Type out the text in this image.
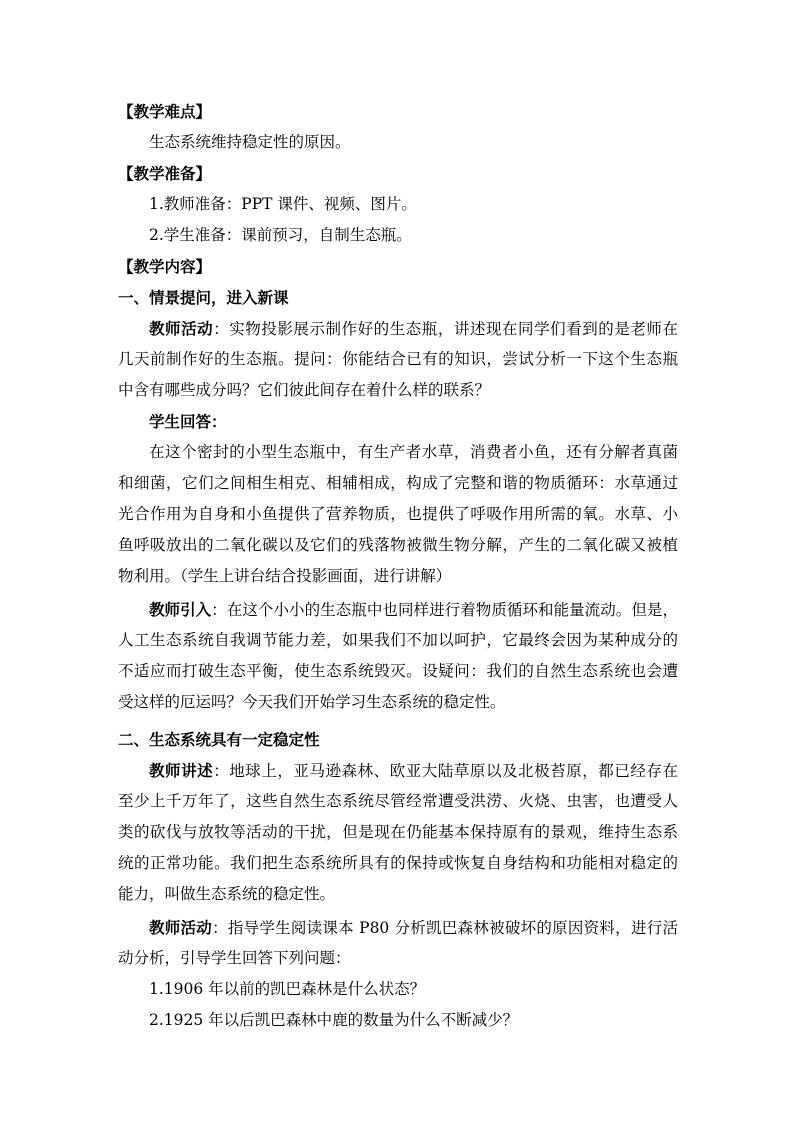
【教学难点】
生态系统维持稳定性的原因。
【教学准备】
1.教师准备：PPT 课件、视频、图片。
2.学生准备：课前预习，自制生态瓶。
【教学内容】
一、情景提问，进入新课
教师活动：实物投影展示制作好的生态瓶，讲述现在同学们看到的是老师在
几天前制作好的生态瓶。提问：你能结合已有的知识，尝试分析一下这个生态瓶
中含有哪些成分吗？它们彼此间存在着什么样的联系？
学生回答：
在这个密封的小型生态瓶中，有生产者水草，消费者小鱼，还有分解者真菌
和细菌，它们之间相生相克、相辅相成，构成了完整和谐的物质循环：水草通过
光合作用为自身和小鱼提供了营养物质，也提供了呼吸作用所需的氧。水草、小
鱼呼吸放出的二氧化碳以及它们的残落物被微生物分解，产生的二氧化碳又被植
物利用。（学生上讲台结合投影画面，进行讲解）
教师引入：在这个小小的生态瓶中也同样进行着物质循环和能量流动。但是，
人工生态系统自我调节能力差，如果我们不加以呵护，它最终会因为某种成分的
不适应而打破生态平衡，使生态系统毁灭。设疑问：我们的自然生态系统也会遭
受这样的厄运吗？今天我们开始学习生态系统的稳定性。
二、生态系统具有一定稳定性
教师讲述：地球上，亚马逊森林、欧亚大陆草原以及北极苔原，都已经存在
至少上千万年了，这些自然生态系统尽管经常遭受洪涝、火烧、虫害，也遭受人
类的砍伐与放牧等活动的干扰，但是现在仍能基本保持原有的景观，维持生态系
统的正常功能。我们把生态系统所具有的保持或恢复自身结构和功能相对稳定的
能力，叫做生态系统的稳定性。
教师活动：指导学生阅读课本 P80 分析凯巴森林被破坏的原因资料，进行活
动分析，引导学生回答下列问题：
1.1906 年以前的凯巴森林是什么状态？
2.1925 年以后凯巴森林中鹿的数量为什么不断减少？
